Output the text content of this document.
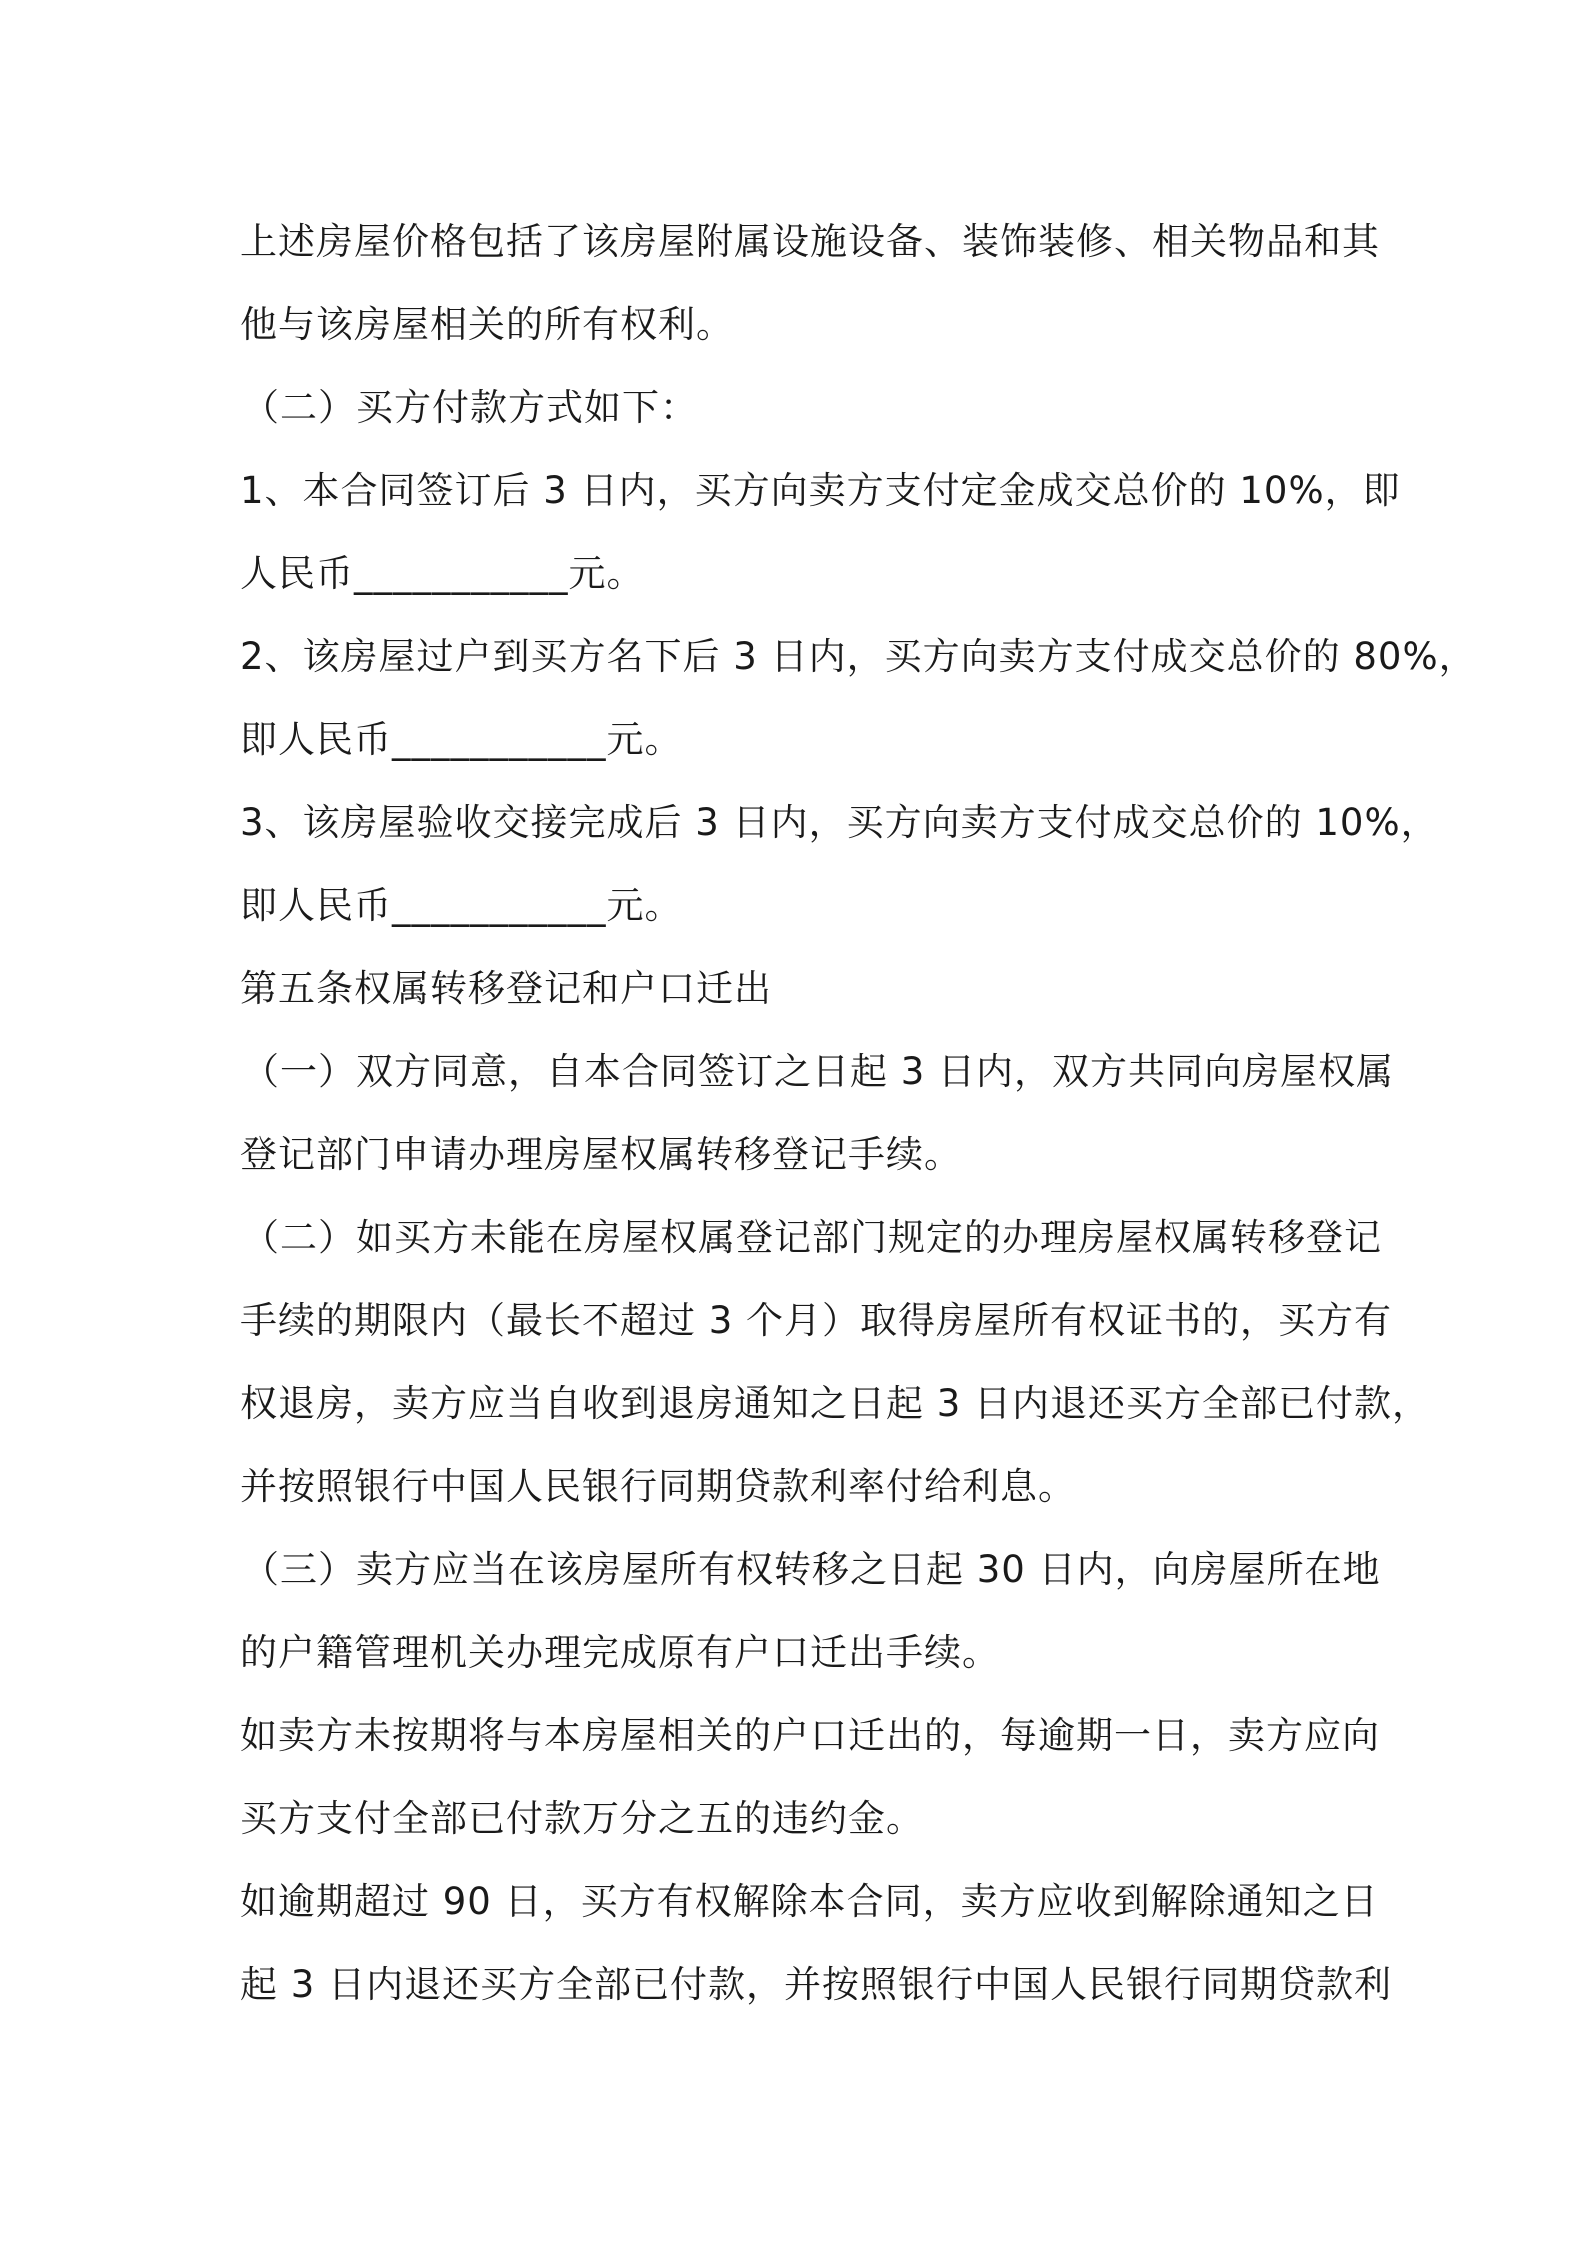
上述房屋价格包括了该房屋附属设施设备、装饰装修、相关物品和其
他与该房屋相关的所有权利。
（二）买方付款方式如下：
1、本合同签订后 3 日内，买方向卖方支付定金成交总价的 10%，即
人民币___________元。
2、该房屋过户到买方名下后 3 日内，买方向卖方支付成交总价的 80%，
即人民币___________元。
3、该房屋验收交接完成后 3 日内，买方向卖方支付成交总价的 10%，
即人民币___________元。
第五条权属转移登记和户口迁出
（一）双方同意，自本合同签订之日起 3 日内，双方共同向房屋权属
登记部门申请办理房屋权属转移登记手续。
（二）如买方未能在房屋权属登记部门规定的办理房屋权属转移登记
手续的期限内（最长不超过 3 个月）取得房屋所有权证书的，买方有
权退房，卖方应当自收到退房通知之日起 3 日内退还买方全部已付款，
并按照银行中国人民银行同期贷款利率付给利息。
（三）卖方应当在该房屋所有权转移之日起 30 日内，向房屋所在地
的户籍管理机关办理完成原有户口迁出手续。
如卖方未按期将与本房屋相关的户口迁出的，每逾期一日，卖方应向
买方支付全部已付款万分之五的违约金。
如逾期超过 90 日，买方有权解除本合同，卖方应收到解除通知之日
起 3 日内退还买方全部已付款，并按照银行中国人民银行同期贷款利
